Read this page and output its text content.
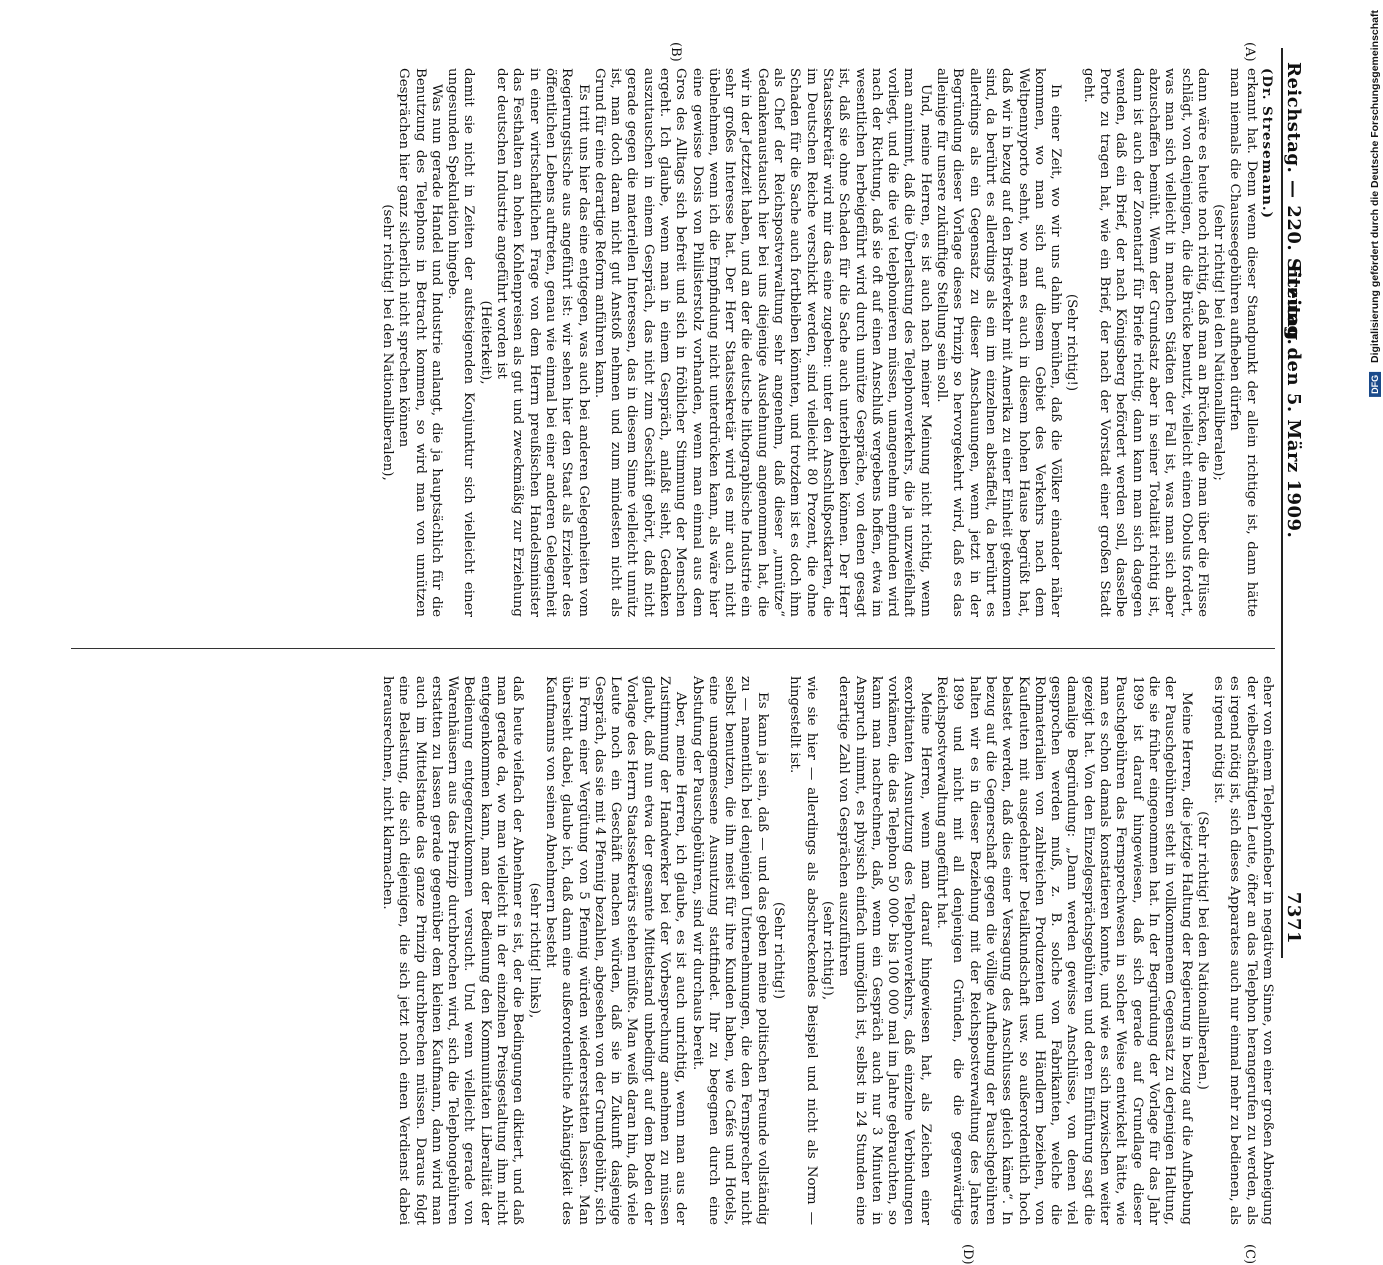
Reichstag. — 220. Sitzung.
Freitag den 5. März 1909.  7371
(A)
(B)
(C)
(D)

(Dr. Stresemann.)

erkannt hat. Denn wenn dieser Standpunkt der allein richtige ist, dann hätte man niemals die Chausseegebühren aufheben dürfen

(sehr richtig! bei den Nationalliberalen);

dann wäre es heute noch richtig, daß man an Brücken, die man über die Flüsse schlägt, von denjenigen, die die Brücke benutzt, vielleicht einen Obolus fordert, was man sich vielleicht in manchen Städten der Fall ist, was man sich aber abzuschaffen bemüht. Wenn der Grundsatz aber in seiner Totalität richtig ist, dann ist auch der Zonentarif für Briefe richtig; dann kann man sich dagegen wenden, daß ein Brief, der nach Königsberg befördert werden soll, dasselbe Porto zu tragen hat, wie ein Brief, der nach der Vorstadt einer großen Stadt geht.

(Sehr richtig!)

In einer Zeit, wo wir uns dahin bemühen, daß die Völker einander näher kommen, wo man sich auf diesem Gebiet des Verkehrs nach dem Weltpennyporto sehnt, wo man es auch in diesem hohen Hause begrüßt hat, daß wir in bezug auf den Briefverkehr mit Amerika zu einer Einheit gekommen sind, da berührt es allerdings als ein im einzelnen abstaffelt, da berührt es allerdings als ein Gegensatz zu dieser Anschauungen, wenn jetzt in der Begründung dieser Vorlage dieses Prinzip so hervorgekehrt wird, daß es das alleinige für unsere zukünftige Stellung sein soll.

Und, meine Herren, es ist auch nach meiner Meinung nicht richtig, wenn man annimmt, daß die Überlastung des Telephonverkehrs, die ja unzweifelhaft vorliegt, und die die viel telephonieren müssen, unangenehm empfunden wird nach der Richtung, daß sie oft auf einen Anschluß vergebens hoffen, etwa im wesentlichen herbeigeführt wird durch unnütze Gespräche, von denen gesagt ist, daß sie ohne Schaden für die Sache auch unterbleiben können. Der Herr Staatssekretär wird mir das eine zugeben: unter den Anschlußpostkarten, die im Deutschen Reiche verschickt werden, sind vielleicht 80 Prozent, die ohne Schaden für die Sache auch fortbleiben könnten, und trotzdem ist es doch ihm als Chef der Reichspostverwaltung sehr angenehm, daß dieser „unnütze“ Gedankenaustausch hier bei uns diejenige Ausdehnung angenommen hat, die wir in der Jetztzeit haben, und an der die deutsche lithographische Industrie ein sehr großes Interesse hat. Der Herr Staatssekretär wird es mir auch nicht übelnehmen, wenn ich die Empfindung nicht unterdrücken kann, als wäre hier eine gewisse Dosis von Philisterstolz vorhanden, wenn man einmal aus dem Gros des Alltags sich befreit und sich in fröhlicher Stimmung der Menschen ergeht. Ich glaube, wenn man in einem Gespräch, anlaßt sieht, Gedanken auszutauschen in einem Gespräch, das nicht zum Geschäft gehört, daß nicht gerade gegen die materiellen Interessen, das in diesem Sinne vielleicht unnütz ist, man doch daran nicht gut Anstoß nehmen und zum mindesten nicht als Grund für eine derartige Reform anführen kann.

Es tritt uns hier das eine entgegen, was auch bei anderen Gelegenheiten vom Regierungstische aus angeführt ist: wir sehen hier den Staat als Erzieher des öffentlichen Lebens auftreten, genau wie einmal bei einer anderen Gelegenheit in einer wirtschaftlichen Frage von dem Herrn preußischen Handelsminister das Festhalten an hohen Kohlenpreisen als gut und zweckmäßig zur Erziehung der deutschen Industrie angeführt worden ist

(Heiterkeit),

damit sie nicht in Zeiten der aufsteigenden Konjunktur sich vielleicht einer ungesunden Spekulation hingebe.

Was nun gerade Handel und Industrie anlangt, die ja hauptsächlich für die Benutzung des Telephons in Betracht kommen, so wird man von unnützen Gesprächen hier ganz sicherlich nicht sprechen können

(sehr richtig! bei den Nationalliberalen),

eher von einem Telephonfieber in negativem Sinne, von einer großen Abneigung der vielbeschäftigten Leute, öfter an das Telephon herangerufen zu werden, als es irgend nötig ist, sich dieses Apparates auch nur einmal mehr zu bedienen, als es irgend nötig ist.

(Sehr richtig! bei den Nationalliberalen.)

Meine Herren, die jetzige Haltung der Regierung in bezug auf die Aufhebung der Pauschgebühren steht in vollkommenem Gegensatz zu derjenigen Haltung, die sie früher eingenommen hat. In der Begründung der Vorlage für das Jahr 1899 ist darauf hingewiesen, daß sich gerade auf Grundlage dieser Pauschgebühren das Fernsprechwesen in solcher Weise entwickelt hätte, wie man es schon damals konstatieren konnte, und wie es sich inzwischen weiter gezeigt hat. Von den Einzelgesprächsgebühren und deren Einführung sagt die damalige Begründung: „Dann werden gewisse Anschlüsse, von denen viel gesprochen werden muß, z. B. solche von Fabrikanten, welche die Rohmaterialien von zahlreichen Produzenten und Händlern beziehen, von Kaufleuten mit ausgedehnter Detailkundschaft usw. so außerordentlich hoch belastet werden, daß dies einer Versagung des Anschlusses gleich käme“. In bezug auf die Gegnerschaft gegen die völlige Aufhebung der Pauschgebühren halten wir es in dieser Beziehung mit der Reichspostverwaltung des Jahres 1899 und nicht mit all denjenigen Gründen, die die gegenwärtige Reichspostverwaltung angeführt hat.

Meine Herren, wenn man darauf hingewiesen hat, als Zeichen einer exorbitanten Ausnutzung des Telephonverkehrs, daß einzelne Verbindungen vorkämen, die das Telephon 50 000- bis 100 000 mal im Jahre gebrauchten, so kann man nachrechnen, daß, wenn ein Gespräch auch nur 3 Minuten in Anspruch nimmt, es physisch einfach unmöglich ist, selbst in 24 Stunden eine derartige Zahl von Gesprächen auszuführen

(sehr richtig!),

wie sie hier — allerdings als abschreckendes Beispiel und nicht als Norm — hingestellt ist.

(Sehr richtig!)

Es kann ja sein, daß — und das geben meine politischen Freunde vollständig zu — namentlich bei denjenigen Unternehmungen, die den Fernsprecher nicht selbst benutzen, die ihn meist für ihre Kunden haben, wie Cafés und Hotels, eine unangemessene Ausnutzung stattfindet. Ihr zu begegnen durch eine Abstufung der Pauschgebühren, sind wir durchaus bereit.

Aber, meine Herren, ich glaube, es ist auch unrichtig, wenn man aus der Zustimmung der Handwerker bei der Vorbesprechung annehmen zu müssen glaubt, daß nun etwa der gesamte Mittelstand unbedingt auf dem Boden der Vorlage des Herrn Staatssekretärs stehen müßte. Man weiß daran hin, daß viele Leute noch ein Geschäft machen würden, daß sie in Zukunft dasjenige Gespräch, das sie mit 4 Pfennig bezahlen, abgesehen von der Grundgebühr, sich in Form einer Vergütung von 5 Pfennig würden wiedererstatten lassen. Man übersieht dabei, glaube ich, daß dann eine außerordentliche Abhängigkeit des Kaufmanns von seinen Abnehmern besteht

(sehr richtig! links),

daß heute vielfach der Abnehmer es ist, der die Bedingungen diktiert, und daß man gerade da, wo man vielleicht in der einzelnen Preisgestaltung ihm nicht entgegenkommen kann, man der Bedienung den Kommunitaten Liberalität der Bedienung entgegenzukommen versucht. Und wenn vielleicht gerade von Warenhäusern aus das Prinzip durchbrochen wird, sich die Telephongebühren erstatten zu lassen gerade gegenüber dem kleinen Kaufmann, dann wird man auch im Mittelstande das ganze Prinzip durchbrechen müssen. Daraus folgt eine Belastung, die sich diejenigen, die sich jetzt noch einen Verdienst dabei herausrechnen, nicht klarmachen.

DFG Digitalisierung gefördert durch die Deutsche Forschungsgemeinschaft
